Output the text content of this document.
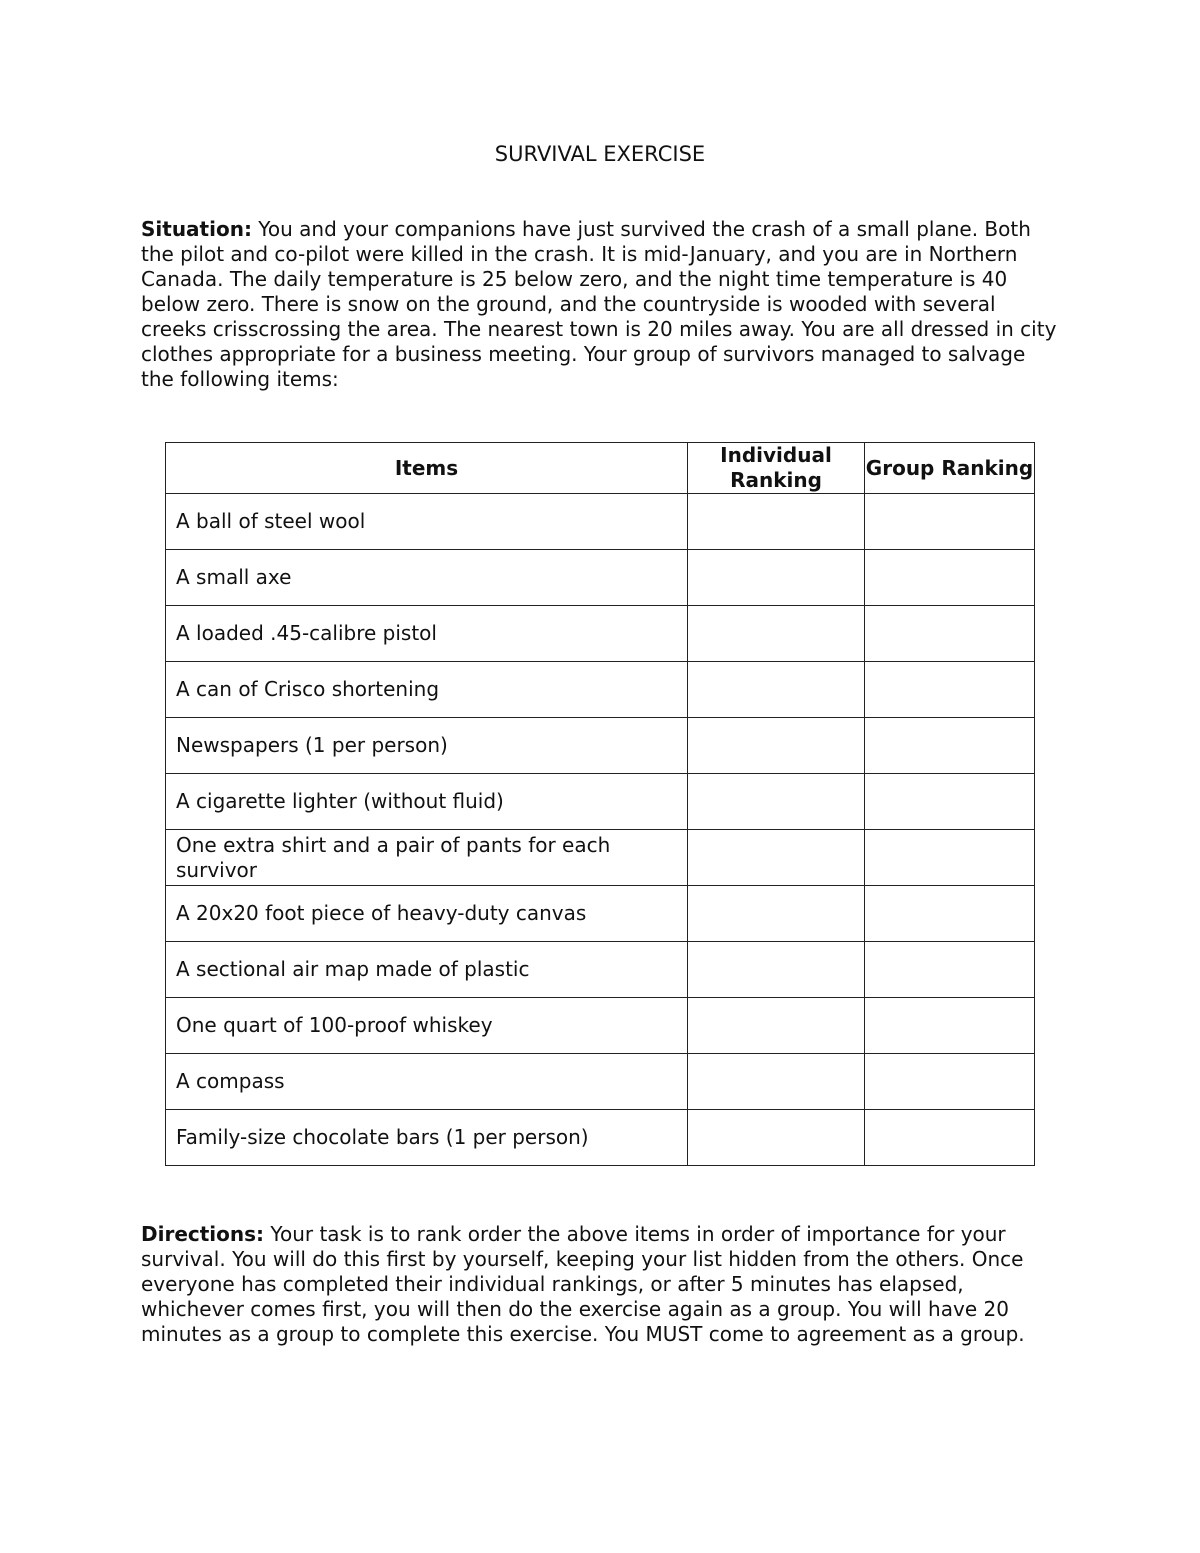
SURVIVAL EXERCISE

Situation: You and your companions have just survived the crash of a small plane. Both the pilot and co-pilot were killed in the crash. It is mid-January, and you are in Northern Canada. The daily temperature is 25 below zero, and the night time temperature is 40 below zero. There is snow on the ground, and the countryside is wooded with several creeks crisscrossing the area. The nearest town is 20 miles away. You are all dressed in city clothes appropriate for a business meeting. Your group of survivors managed to salvage the following items:

Items	Individual Ranking	Group Ranking
A ball of steel wool		
A small axe		
A loaded .45-calibre pistol		
A can of Crisco shortening		
Newspapers (1 per person)		
A cigarette lighter (without fluid)		
One extra shirt and a pair of pants for each survivor		
A 20x20 foot piece of heavy-duty canvas		
A sectional air map made of plastic		
One quart of 100-proof whiskey		
A compass		
Family-size chocolate bars (1 per person)		

Directions: Your task is to rank order the above items in order of importance for your survival. You will do this first by yourself, keeping your list hidden from the others. Once everyone has completed their individual rankings, or after 5 minutes has elapsed, whichever comes first, you will then do the exercise again as a group. You will have 20 minutes as a group to complete this exercise. You MUST come to agreement as a group.
